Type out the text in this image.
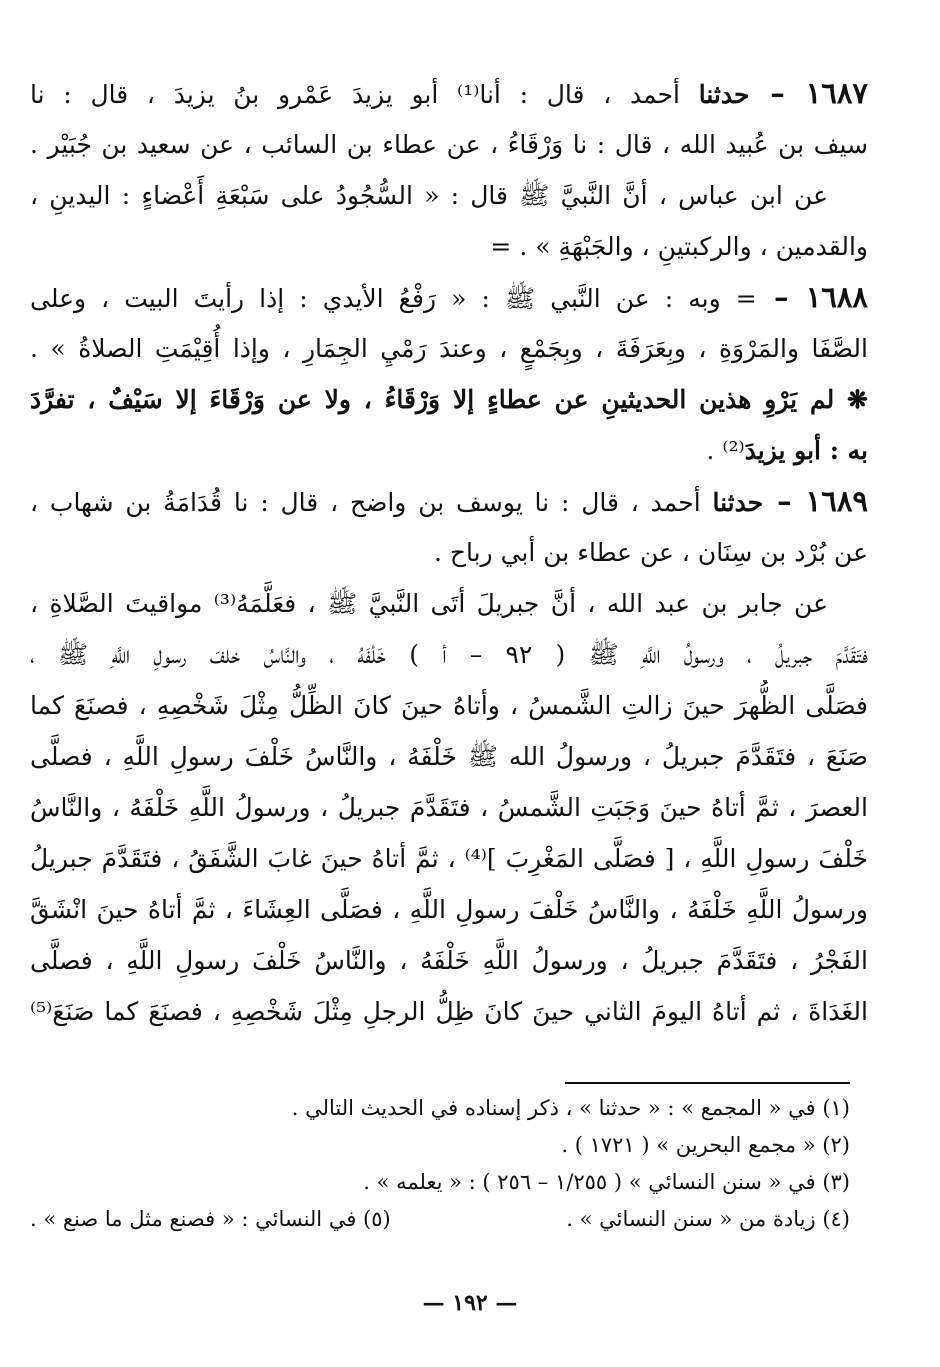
١٦٨٧ – حدثنا أحمد ، قال : أنا⁽¹⁾ أبو يزيدَ عَمْرو بنُ يزيدَ ، قال : نا
سيف بن عُبيد الله ، قال : نا وَرْقَاءُ ، عن عطاء بن السائب ، عن سعيد بن جُبَيْر .
عن ابن عباس ، أنَّ النَّبيَّ ﷺ قال : « السُّجُودُ على سَبْعَةِ أَعْضاءٍ : اليدينِ ،
والقدمين ، والركبتينِ ، والجَبْهَةِ » . =
١٦٨٨ – = وبه : عن النَّبي ﷺ : « رَفْعُ الأيدي : إذا رأيتَ البيت ، وعلى
الصَّفَا والمَرْوَةِ ، وبِعَرَفَةَ ، وبِجَمْعٍ ، وعندَ رَمْيِ الجِمَارِ ، وإذا أُقِيْمَتِ الصلاةُ » .
❋ لم يَرْوِ هذين الحديثينِ عن عطاءٍ إلا وَرْقَاءُ ، ولا عن وَرْقَاءَ إلا سَيْفٌ ، تفرَّدَ
به : أبو يزيدَ⁽²⁾ .
١٦٨٩ – حدثنا أحمد ، قال : نا يوسف بن واضح ، قال : نا قُدَامَةُ بن شهاب ،
عن بُرْد بن سِنَان ، عن عطاء بن أبي رباح .
عن جابر بن عبد الله ، أنَّ جبريلَ أتَى النَّبيَّ ﷺ ، فعَلَّمَهُ⁽³⁾ مواقيتَ الصَّلاةِ ،
فتَقَدَّمَ جبريلُ ، ورسولُ اللَّهِ ﷺ ( ٩٢ – أ ) خَلْفَهُ ، والنَّاسُ خلفَ رسولِ اللَّهِ ﷺ ،
فصَلَّى الظُّهرَ حينَ زالتِ الشَّمسُ ، وأتاهُ حينَ كانَ الظِّلُّ مِثْلَ شَخْصِهِ ، فصنَعَ كما
صَنَعَ ، فتَقَدَّمَ جبريلُ ، ورسولُ الله ﷺ خَلْفَهُ ، والنَّاسُ خَلْفَ رسولِ اللَّهِ ، فصلَّى
العصرَ ، ثمَّ أتاهُ حينَ وَجَبَتِ الشَّمسُ ، فتَقَدَّمَ جبريلُ ، ورسولُ اللَّهِ خَلْفَهُ ، والنَّاسُ
خَلْفَ رسولِ اللَّهِ ، [ فصَلَّى المَغْرِبَ ]⁽⁴⁾ ، ثمَّ أتاهُ حينَ غابَ الشَّفَقُ ، فتَقَدَّمَ جبريلُ
ورسولُ اللَّهِ خَلْفَهُ ، والنَّاسُ خَلْفَ رسولِ اللَّهِ ، فصَلَّى العِشَاءَ ، ثمَّ أتاهُ حينَ انْشَقَّ
الفَجْرُ ، فتَقَدَّمَ جبريلُ ، ورسولُ اللَّهِ خَلْفَهُ ، والنَّاسُ خَلْفَ رسولِ اللَّهِ ، فصلَّى
الغَدَاةَ ، ثم أتاهُ اليومَ الثاني حينَ كانَ ظِلُّ الرجلِ مِثْلَ شَخْصِهِ ، فصنَعَ كما صَنَعَ⁽⁵⁾
(١) في « المجمع » : « حدثنا » ، ذكر إسناده في الحديث التالي .
(٢) « مجمع البحرين » ( ١٧٢١ ) .
(٣) في « سنن النسائي » ( ١/٢٥٥ – ٢٥٦ ) : « يعلمه » .
(٤) زيادة من « سنن النسائي » .
(٥) في النسائي : « فصنع مثل ما صنع » .
— ١٩٢ —
